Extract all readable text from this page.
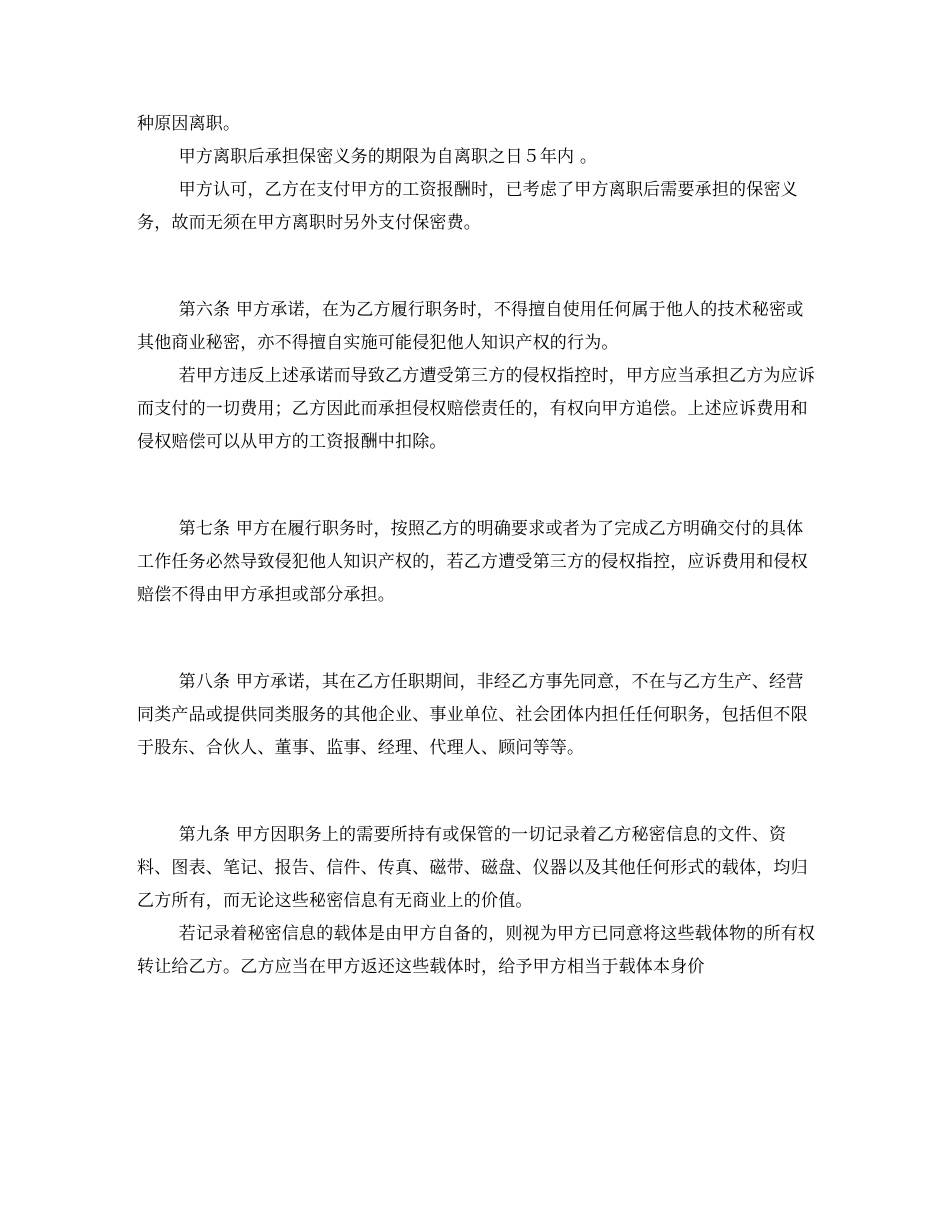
种原因离职。

甲方离职后承担保密义务的期限为自离职之日５年内 。

甲方认可，乙方在支付甲方的工资报酬时，已考虑了甲方离职后需要承担的保密义务，故而无须在甲方离职时另外支付保密费。

第六条 甲方承诺，在为乙方履行职务时，不得擅自使用任何属于他人的技术秘密或其他商业秘密，亦不得擅自实施可能侵犯他人知识产权的行为。

若甲方违反上述承诺而导致乙方遭受第三方的侵权指控时，甲方应当承担乙方为应诉而支付的一切费用；乙方因此而承担侵权赔偿责任的，有权向甲方追偿。上述应诉费用和侵权赔偿可以从甲方的工资报酬中扣除。

第七条 甲方在履行职务时，按照乙方的明确要求或者为了完成乙方明确交付的具体工作任务必然导致侵犯他人知识产权的，若乙方遭受第三方的侵权指控，应诉费用和侵权赔偿不得由甲方承担或部分承担。

第八条 甲方承诺，其在乙方任职期间，非经乙方事先同意，不在与乙方生产、经营同类产品或提供同类服务的其他企业、事业单位、社会团体内担任任何职务，包括但不限于股东、合伙人、董事、监事、经理、代理人、顾问等等。

第九条 甲方因职务上的需要所持有或保管的一切记录着乙方秘密信息的文件、资料、图表、笔记、报告、信件、传真、磁带、磁盘、仪器以及其他任何形式的载体，均归乙方所有，而无论这些秘密信息有无商业上的价值。

若记录着秘密信息的载体是由甲方自备的，则视为甲方已同意将这些载体物的所有权转让给乙方。乙方应当在甲方返还这些载体时，给予甲方相当于载体本身价
